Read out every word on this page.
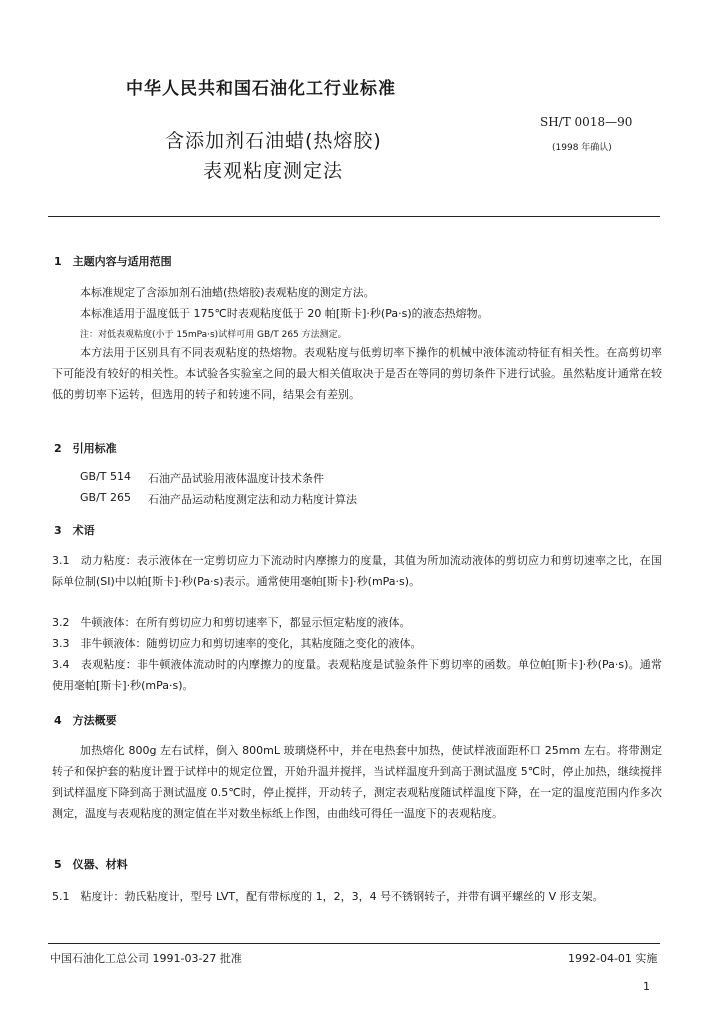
中华人民共和国石油化工行业标准
SH/T 0018—90
(1998 年确认)
含添加剂石油蜡(热熔胶)
表观粘度测定法
1　主题内容与适用范围
本标准规定了含添加剂石油蜡(热熔胶)表观粘度的测定方法。
本标准适用于温度低于 175℃时表观粘度低于 20 帕[斯卡]·秒(Pa·s)的液态热熔物。
注：对低表观粘度(小于 15mPa·s)试样可用 GB/T 265 方法测定。
本方法用于区别具有不同表观粘度的热熔物。表观粘度与低剪切率下操作的机械中液体流动特征有相关性。在高剪切率下可能没有较好的相关性。本试验各实验室之间的最大相关值取决于是否在等同的剪切条件下进行试验。虽然粘度计通常在较低的剪切率下运转，但选用的转子和转速不同，结果会有差别。
2　引用标准
GB/T 514 石油产品试验用液体温度计技术条件
GB/T 265 石油产品运动粘度测定法和动力粘度计算法
3　术语
3.1　动力粘度：表示液体在一定剪切应力下流动时内摩擦力的度量，其值为所加流动液体的剪切应力和剪切速率之比，在国际单位制(SI)中以帕[斯卡]·秒(Pa·s)表示。通常使用毫帕[斯卡]·秒(mPa·s)。
3.2　牛顿液体：在所有剪切应力和剪切速率下，都显示恒定粘度的液体。
3.3　非牛顿液体：随剪切应力和剪切速率的变化，其粘度随之变化的液体。
3.4　表观粘度：非牛顿液体流动时的内摩擦力的度量。表观粘度是试验条件下剪切率的函数。单位帕[斯卡]·秒(Pa·s)。通常使用毫帕[斯卡]·秒(mPa·s)。
4　方法概要
加热熔化 800g 左右试样，倒入 800mL 玻璃烧杯中，并在电热套中加热，使试样液面距杯口 25mm 左右。将带测定转子和保护套的粘度计置于试样中的规定位置，开始升温并搅拌，当试样温度升到高于测试温度 5℃时，停止加热，继续搅拌到试样温度下降到高于测试温度 0.5℃时，停止搅拌，开动转子，测定表观粘度随试样温度下降，在一定的温度范围内作多次测定，温度与表观粘度的测定值在半对数坐标纸上作图，由曲线可得任一温度下的表观粘度。
5　仪器、材料
5.1　粘度计：勃氏粘度计，型号 LVT，配有带标度的 1，2，3，4 号不锈钢转子，并带有调平螺丝的 V 形支架。
中国石油化工总公司 1991-03-27 批准	1992-04-01 实施
1
